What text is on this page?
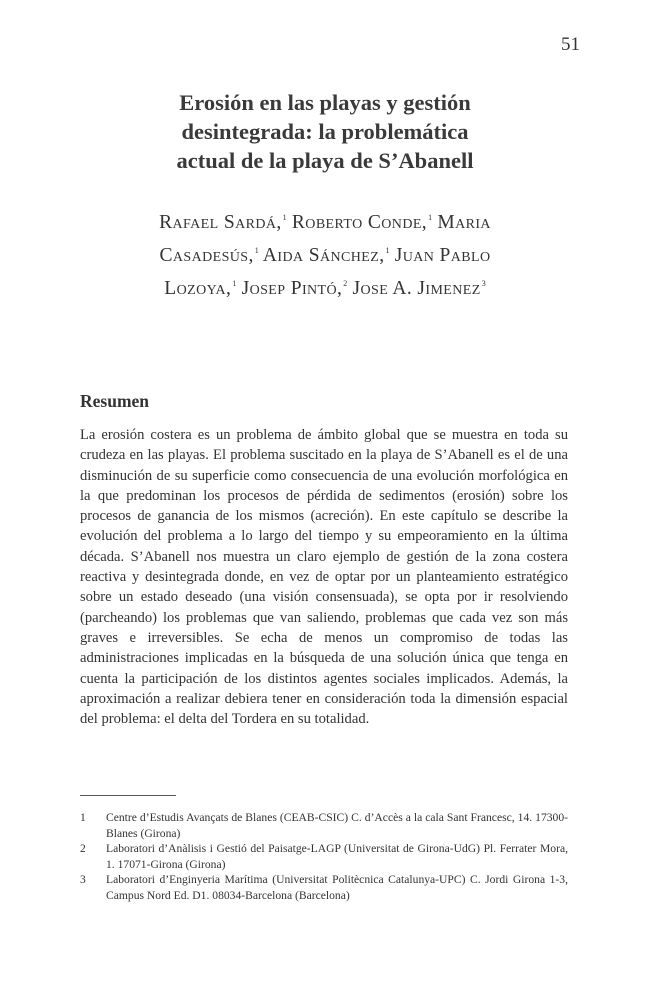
51
Erosión en las playas y gestión
desintegrada: la problemática
actual de la playa de S’Abanell
Rafael Sardá,$^1$ Roberto Conde,$^1$ Maria
Casadesús,$^1$ Aida Sánchez,$^1$ Juan Pablo
Lozoya,$^1$ Josep Pintó,$^2$ Jose A. Jimenez$^3$
Resumen

La erosión costera es un problema de ámbito global que se muestra en toda su crudeza en las playas. El problema suscitado en la playa de S’Abanell es el de una disminución de su superficie como consecuencia de una evolución morfológica en la que predominan los procesos de pérdida de sedimentos (erosión) sobre los procesos de ganancia de los mismos (acreción). En este capítulo se describe la evolución del problema a lo largo del tiempo y su empeoramiento en la última década. S’Abanell nos muestra un claro ejemplo de gestión de la zona costera reactiva y desintegrada donde, en vez de optar por un planteamiento estratégico sobre un estado deseado (una visión consensuada), se opta por ir resolviendo (parcheando) los problemas que van saliendo, problemas que cada vez son más graves e irreversibles. Se echa de menos un compromiso de todas las administraciones implicadas en la búsqueda de una solución única que tenga en cuenta la participación de los distintos agentes sociales implicados. Además, la aproximación a realizar debiera tener en consideración toda la dimensión espacial del problema: el delta del Tordera en su totalidad.

1	Centre d’Estudis Avançats de Blanes (CEAB-CSIC) C. d’Accès a la cala Sant Francesc, 14. 17300-Blanes (Girona)
2	Laboratori d’Anàlisis i Gestió del Paisatge-LAGP (Universitat de Girona-UdG) Pl. Ferrater Mora, 1. 17071-Girona (Girona)
3	Laboratori d’Enginyeria Marítima (Universitat Politècnica Catalunya-UPC) C. Jordi Girona 1-3, Campus Nord Ed. D1. 08034-Barcelona (Barcelona)
